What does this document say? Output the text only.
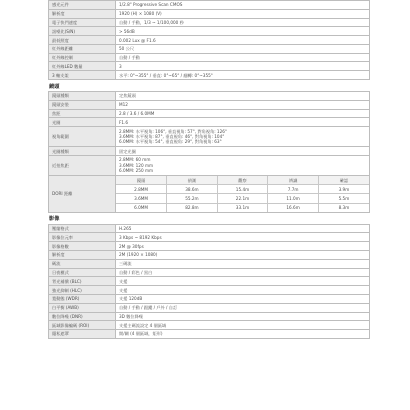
感光元件	1/2.8" Progressive Scan CMOS
解析度	1920 (H) × 1080 (V)
電子快門速度	自動 / 手動，1/3 ~ 1/100,000 秒
訊噪比(S/N)	> 56dB
最低照度	0.002 Lux @ F1.6
紅外線距離	50 公尺
紅外線控制	自動 / 手動
紅外線LED 數量	3
3 軸支架	水平: 0°~355° / 垂直: 0°~65° / 翻轉: 0°~355°
鏡頭
鏡頭種類	定焦鏡頭
鏡頭安裝	M12
焦距	2.8 / 3.6 / 6.0MM
光圈	F1.6
視角範圍	
2.8MM: 水平視角: 106°, 垂直視角: 57°, 對角視角: 126°
3.6MM: 水平視角: 87°, 垂直視角: 46°, 對角視角: 104°
6.0MM: 水平視角: 54°, 垂直視角: 29°, 對角視角: 63°

光圈種類	固定光圈
近拍焦距	
2.8MM: 60 mm
3.6MM: 120 mm
6.0MM: 250 mm

DORI 距離	
鏡頭	偵測	觀察	辨識	確認
2.8MM	38.6m	15.4m	7.7m	3.9m
3.6MM	55.2m	22.1m	11.0m	5.5m
6.0MM	82.8m	33.1m	16.6m	8.3m
影像
壓縮格式	H.265
影像位元率	3 Kbps ~ 8192 Kbps
影像格數	2M @ 30fps
解析度	2M (1920 × 1080)
碼流	三碼流
日夜模式	自動 / 彩色 / 黑白
背光補償 (BLC)	支援
強光抑制 (HLC)	支援
寬動態 (WDR)	支援 120dB
白平衡 (AWB)	自動 / 手動 / 跟蹤 / 戶外 / 自訂
數位降噪 (DNR)	3D 數位降噪
區域影像編碼 (ROI)	支援主碼流設定 4 個區域
隱私遮罩	開/關 (4 個區域，矩形)
